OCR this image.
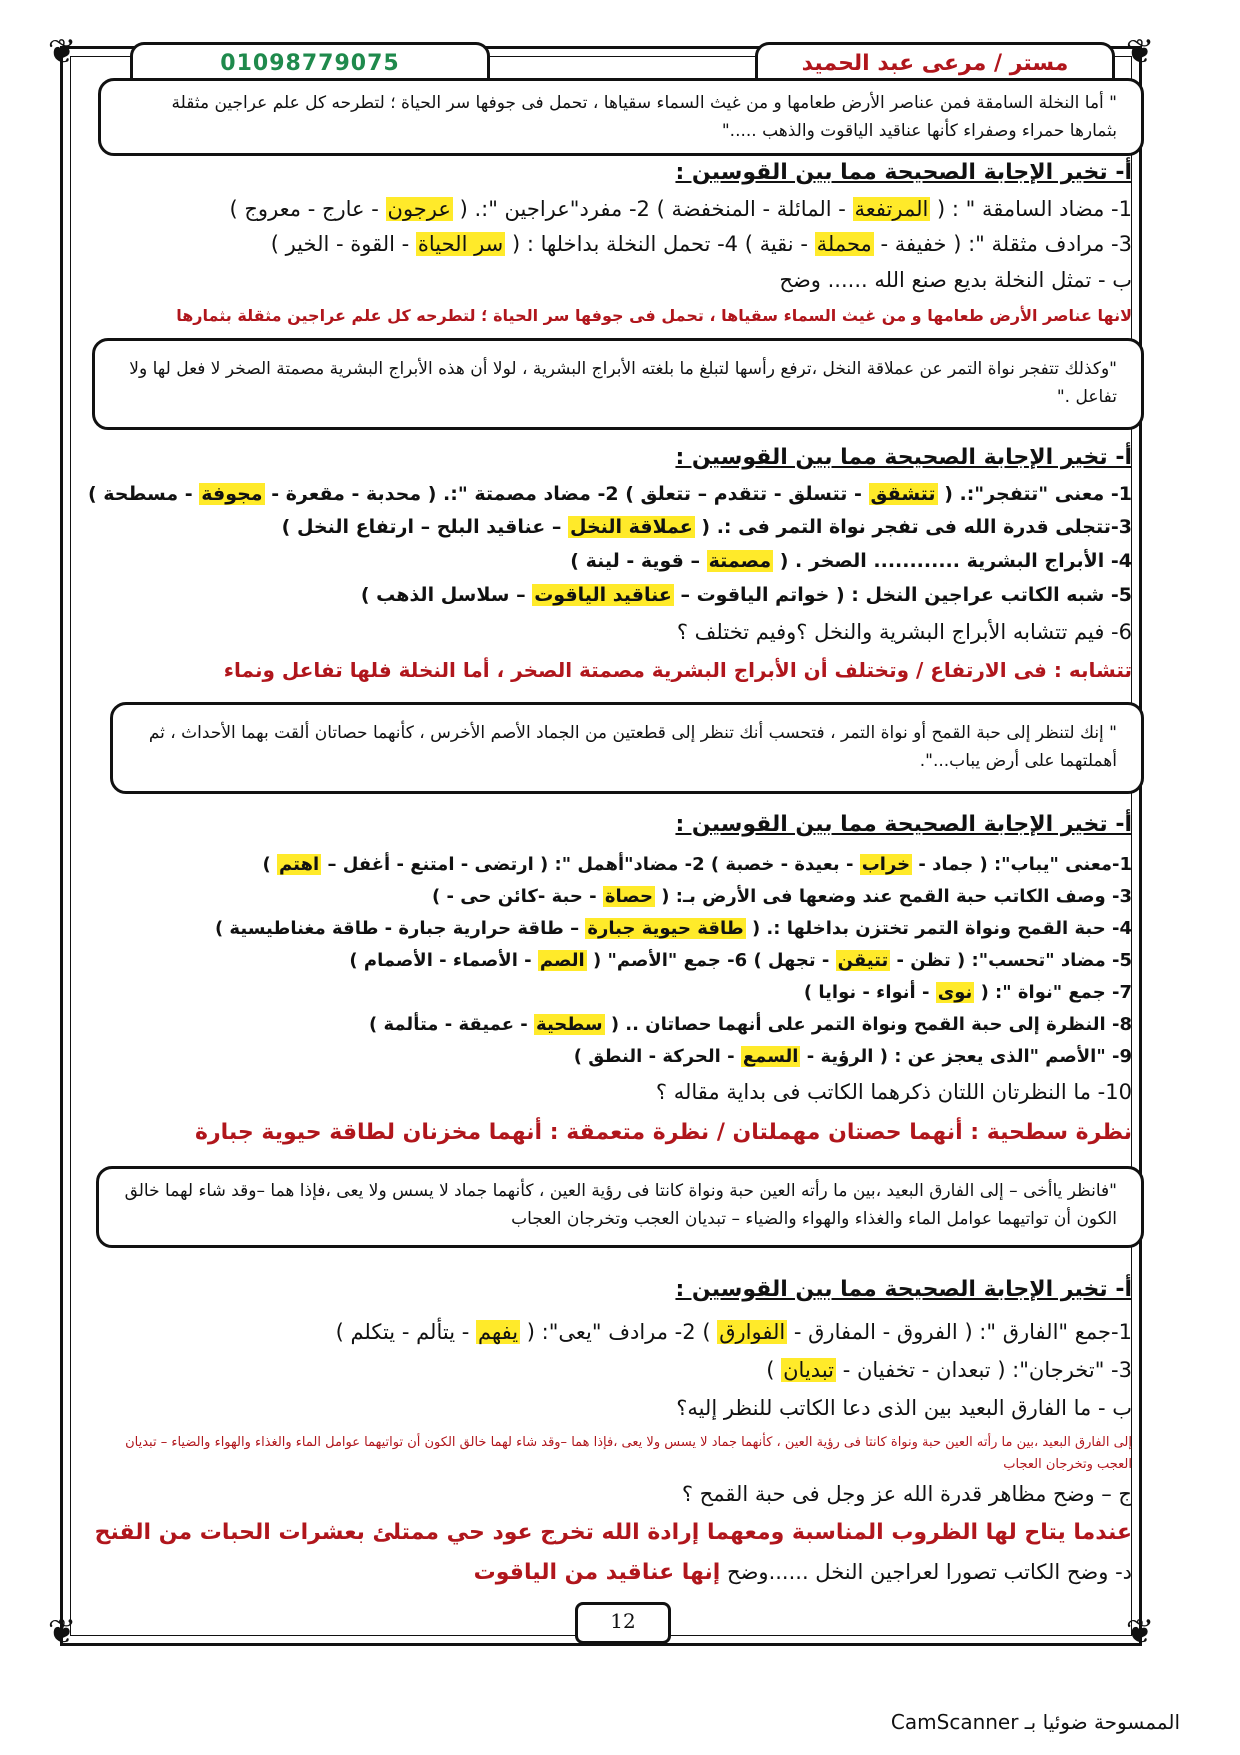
❦	❦
❦	❦
01098779075	مستر / مرعى عبد الحميد
" أما النخلة السامقة فمن عناصر الأرض طعامها و من غيث السماء سقياها ، تحمل فى جوفها سر الحياة ؛ لتطرحه كل علم عراجين مثقلة بثمارها حمراء وصفراء كأنها عناقيد الياقوت والذهب ....."
أ- تخير الإجابة الصحيحة مما بين القوسين :
1- مضاد السامقة " : ( المرتفعة - المائلة - المنخفضة ) 2- مفرد"عراجين ":. ( عرجون - عارج - معروج )
3- مرادف مثقلة ": ( خفيفة - محملة - نقية ) 4- تحمل النخلة بداخلها : ( سر الحياة - القوة - الخير )
ب - تمثل النخلة بديع صنع الله ...... وضح
لانها عناصر الأرض طعامها و من غيث السماء سقياها ، تحمل فى جوفها سر الحياة ؛ لتطرحه كل علم عراجين مثقلة بثمارها
"وكذلك تتفجر نواة التمر عن عملاقة النخل ،ترفع رأسها لتبلغ ما بلغته الأبراج البشرية ، لولا أن هذه الأبراج البشرية مصمتة الصخر لا فعل لها ولا تفاعل ."
أ- تخير الإجابة الصحيحة مما بين القوسين :
1- معنى "تتفجر":. ( تتشقق - تتسلق - تتقدم – تتعلق ) 2- مضاد مصمتة ":. ( محدبة - مقعرة - مجوفة - مسطحة )
3-تتجلى قدرة الله فى تفجر نواة التمر فى :. ( عملاقة النخل – عناقيد البلح – ارتفاع النخل )
4- الأبراج البشرية ............ الصخر . ( مصمتة – قوية - لينة )
5- شبه الكاتب عراجين النخل : ( خواتم الياقوت – عناقيد الياقوت – سلاسل الذهب )
6- فيم تتشابه الأبراج البشرية والنخل ؟وفيم تختلف ؟
تتشابه : فى الارتفاع / وتختلف أن الأبراج البشرية مصمتة الصخر ، أما النخلة فلها تفاعل ونماء
" إنك لتنظر إلى حبة القمح أو نواة التمر ، فتحسب أنك تنظر إلى قطعتين من الجماد الأصم الأخرس ، كأنهما حصاتان ألقت بهما الأحداث ، ثم أهملتهما على أرض يباب...".
أ- تخير الإجابة الصحيحة مما بين القوسين :
1-معنى "يباب": ( جماد - خراب - بعيدة - خصبة ) 2- مضاد"أهمل ": ( ارتضى - امتنع - أغفل – اهتم )
3- وصف الكاتب حبة القمح عند وضعها فى الأرض بـ: ( حصاة - حبة -كائن حى - )
4- حبة القمح ونواة التمر تختزن بداخلها :. ( طاقة حيوية جبارة – طاقة حرارية جبارة - طاقة مغناطيسية )
5- مضاد "تحسب": ( تظن - تتيقن - تجهل ) 6- جمع "الأصم" ( الصم - الأصماء - الأصمام )
7- جمع "نواة ": ( نوى - أنواء - نوايا )
8- النظرة إلى حبة القمح ونواة التمر على أنهما حصاتان .. ( سطحية - عميقة - متألمة )
9- "الأصم "الذى يعجز عن : ( الرؤية - السمع - الحركة - النطق )
10- ما النظرتان اللتان ذكرهما الكاتب فى بداية مقاله ؟
نظرة سطحية : أنهما حصتان مهملتان / نظرة متعمقة : أنهما مخزنان لطاقة حيوية جبارة
"فانظر ياأخى – إلى الفارق البعيد ،بين ما رأته العين حبة ونواة كانتا فى رؤية العين ، كأنهما جماد لا يسس ولا يعى ،فإذا هما –وقد شاء لهما خالق الكون أن تواتيهما عوامل الماء والغذاء والهواء والضياء – تبديان العجب وتخرجان العجاب
أ- تخير الإجابة الصحيحة مما بين القوسين :
1-جمع "الفارق ": ( الفروق - المفارق - الفوارق ) 2- مرادف "يعى": ( يفهم - يتألم - يتكلم )
3- "تخرجان": ( تبعدان - تخفيان - تبديان )
ب - ما الفارق البعيد بين الذى دعا الكاتب للنظر إليه؟
إلى الفارق البعيد ،بين ما رأته العين حبة ونواة كانتا فى رؤية العين ، كأنهما جماد لا يسس ولا يعى ،فإذا هما –وقد شاء لهما خالق الكون أن تواتيهما عوامل الماء والغذاء والهواء والضياء – تبديان العجب وتخرجان العجاب
ج – وضح مظاهر قدرة الله عز وجل فى حبة القمح ؟
عندما يتاح لها الظروب المناسبة ومعهما إرادة الله تخرج عود حي ممتلئ بعشرات الحبات من القنح
د- وضح الكاتب تصورا لعراجين النخل ......وضح إنها عناقيد من الياقوت
12
الممسوحة ضوئيا بـ CamScanner
